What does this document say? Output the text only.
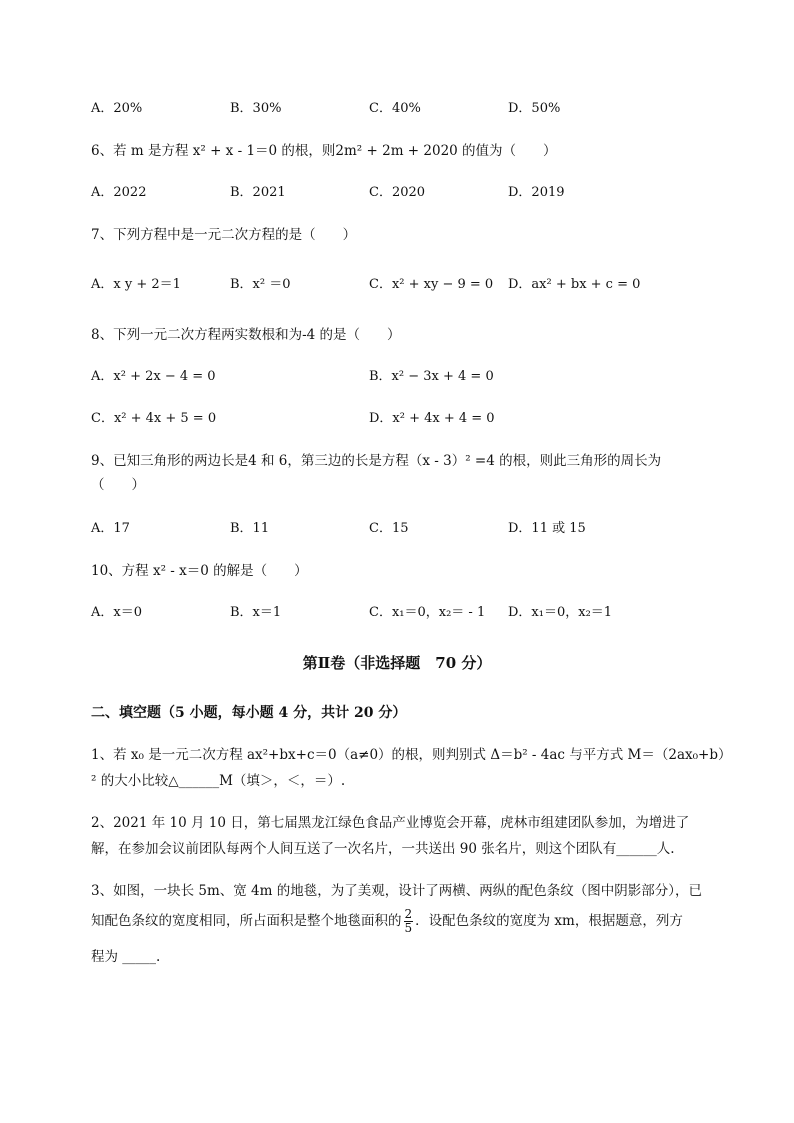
A．20%	B．30%	C．40%	D．50%
6、若 m 是方程 x² + x - 1＝0 的根，则2m² + 2m + 2020 的值为（　　）
A．2022	B．2021	C．2020	D．2019
7、下列方程中是一元二次方程的是（　　）
A．x y + 2＝1	B．x² ＝0	C．x² + xy − 9 = 0 D．ax² + bx + c = 0
8、下列一元二次方程两实数根和为-4 的是（　　）
A．x² + 2x − 4 = 0	B．x² − 3x + 4 = 0
C．x² + 4x + 5 = 0	D．x² + 4x + 4 = 0
9、已知三角形的两边长是4 和 6，第三边的长是方程（x - 3）² =4 的根，则此三角形的周长为
（　　）
A．17	B．11	C．15	D．11 或 15
10、方程 x² - x＝0 的解是（　　）
A．x＝0	B．x＝1	C．x₁＝0，x₂＝ - 1 D．x₁＝0，x₂＝1
第Ⅱ卷（非选择题　70 分）
二、填空题（5 小题，每小题 4 分，共计 20 分）
1、若 x₀ 是一元二次方程 ax²+bx+c＝0（a≠0）的根，则判别式 Δ＝b² - 4ac 与平方式 M＝（2ax₀+b）
² 的大小比较△______M（填＞，＜，＝）.
2、2021 年 10 月 10 日，第七届黑龙江绿色食品产业博览会开幕，虎林市组建团队参加，为增进了
解，在参加会议前团队每两个人间互送了一次名片，一共送出 90 张名片，则这个团队有______人.
3、如图，一块长 5m、宽 4m 的地毯，为了美观，设计了两横、两纵的配色条纹（图中阴影部分），已
知配色条纹的宽度相同，所占面积是整个地毯面积的 $\frac{2}{5}$ ．设配色条纹的宽度为 xm，根据题意，列方
程为 _____.
